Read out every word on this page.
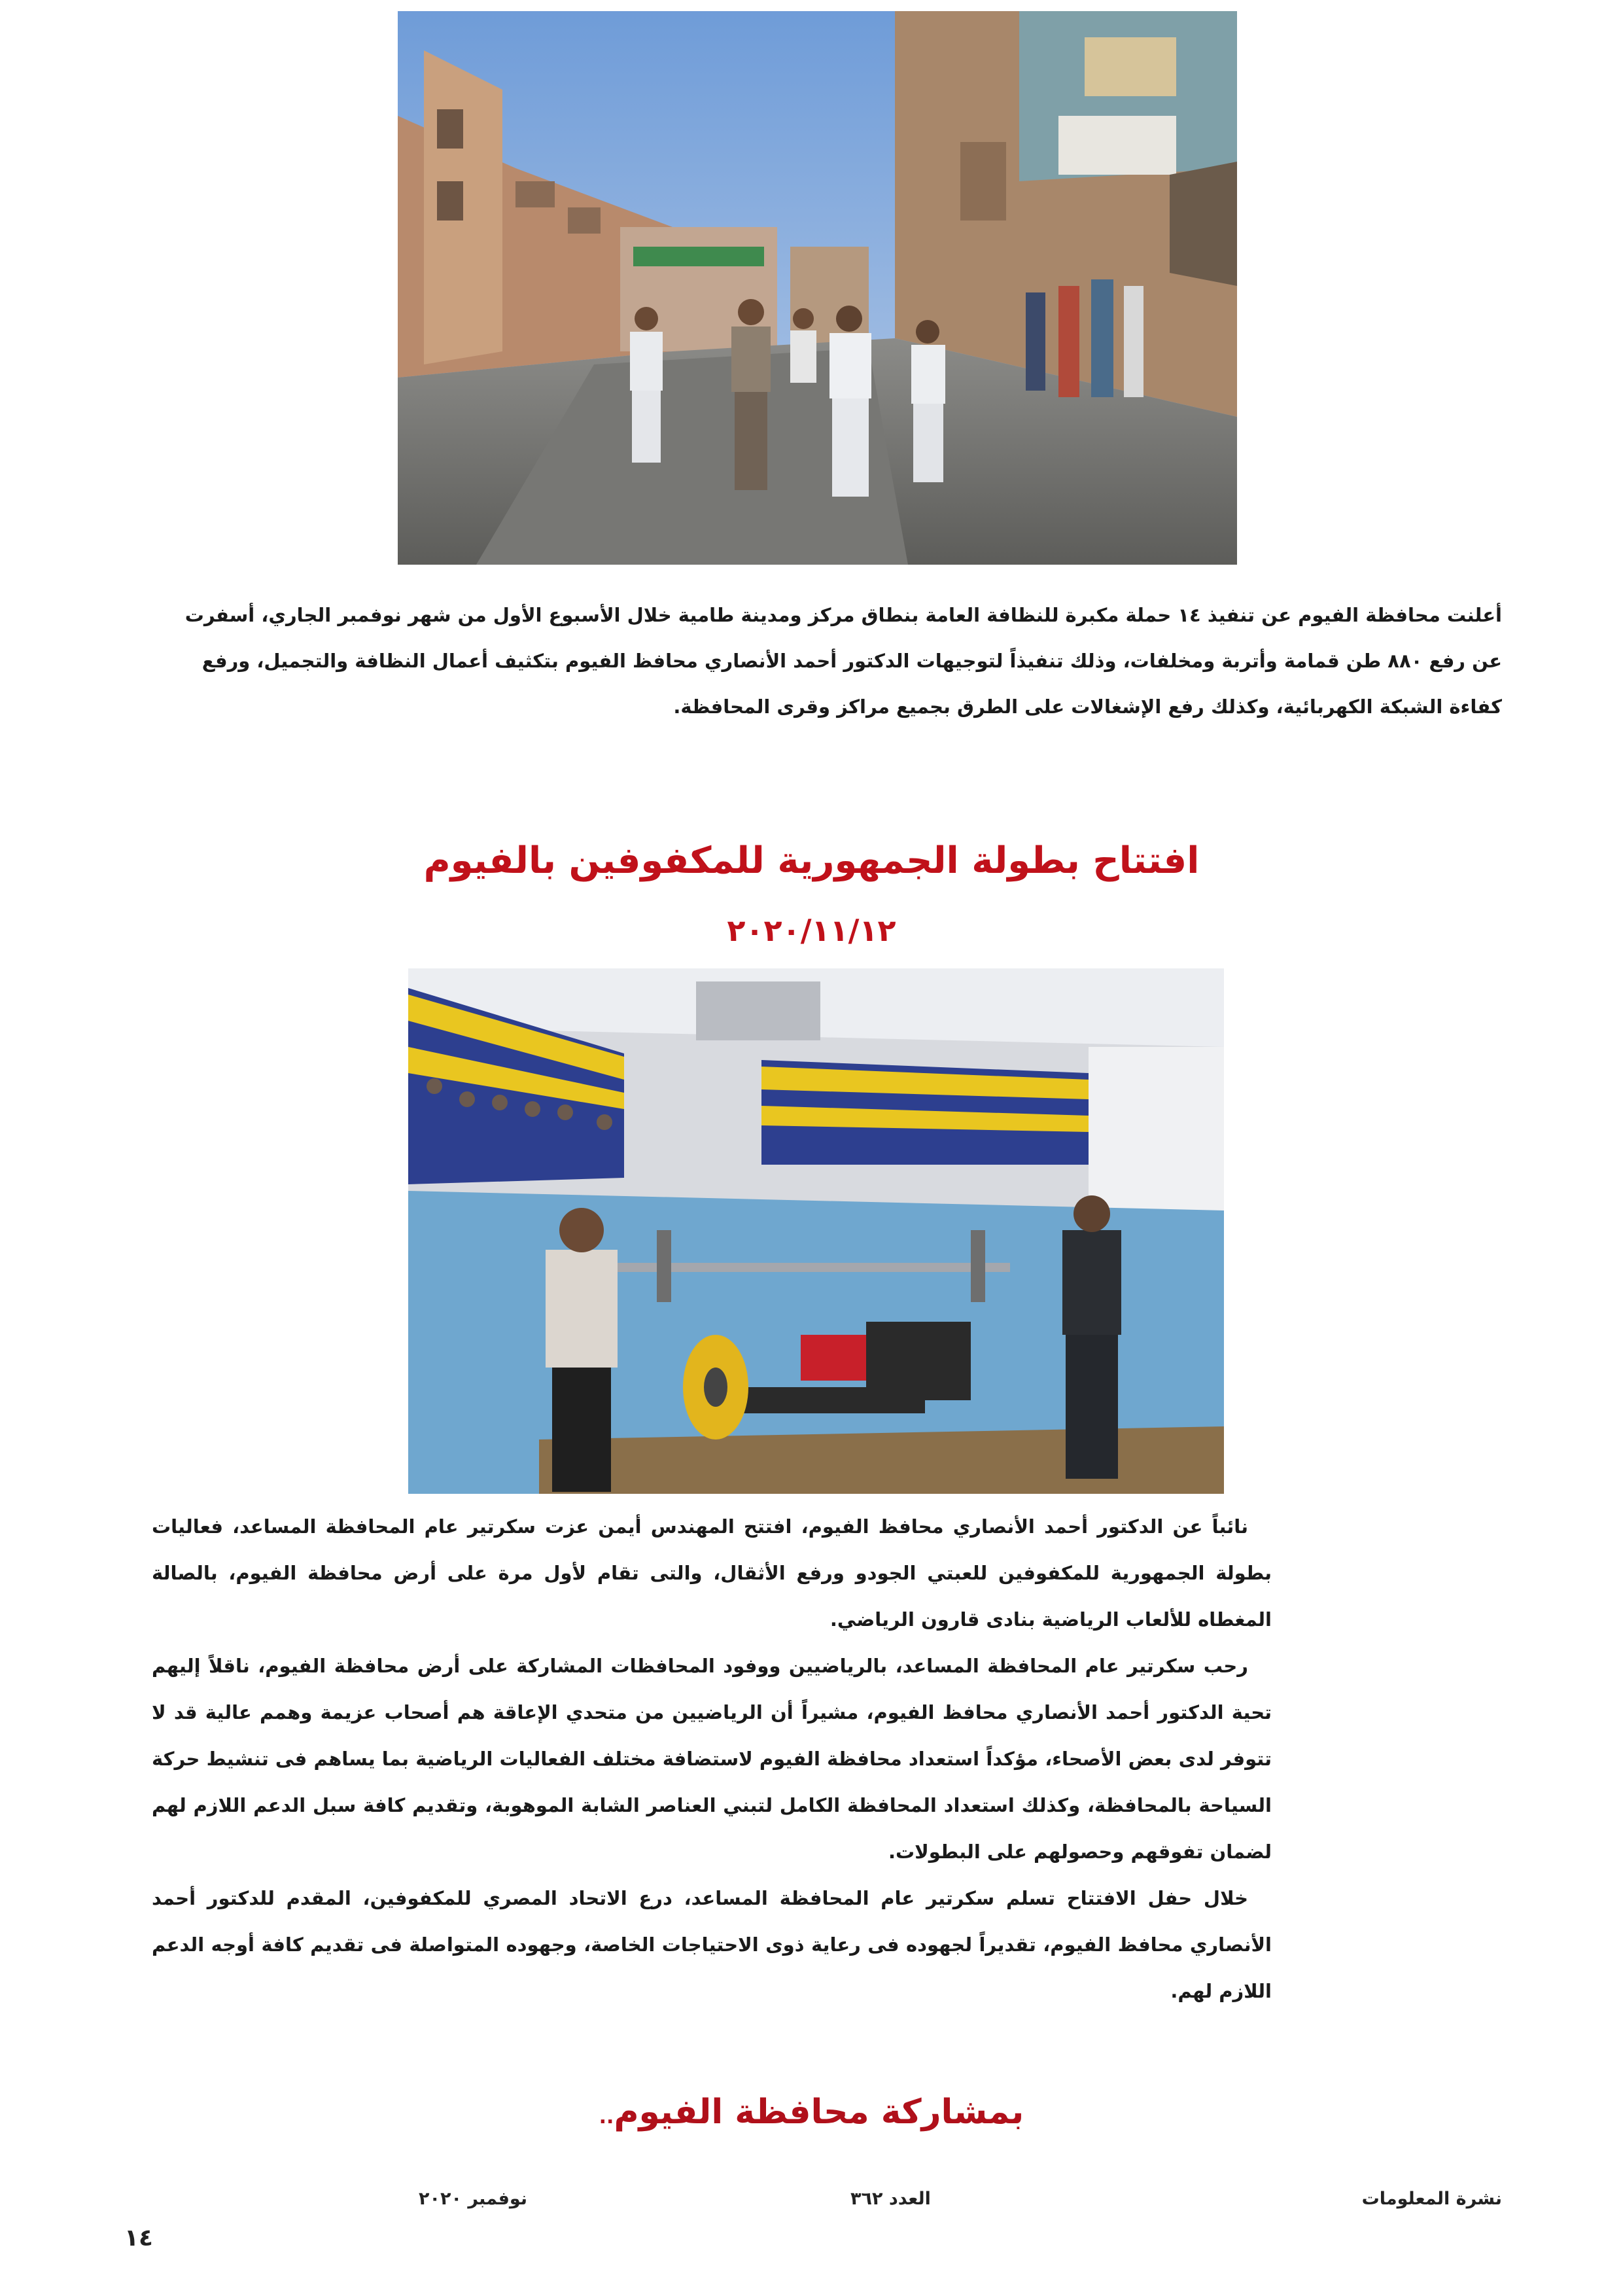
أعلنت محافظة الفيوم عن تنفيذ ١٤ حملة مكبرة للنظافة العامة بنطاق مركز ومدينة طامية خلال الأسبوع الأول من شهر نوفمبر الجاري، أسفرت

عن رفع ٨٨٠ طن قمامة وأتربة ومخلفات، وذلك تنفيذاً لتوجيهات الدكتور أحمد الأنصاري محافظ الفيوم بتكثيف أعمال النظافة والتجميل، ورفع

كفاءة الشبكة الكهربائية، وكذلك رفع الإشغالات على الطرق بجميع مراكز وقرى المحافظة.

افتتاح بطولة الجمهورية للمكفوفين بالفيوم
٢٠٢٠/١١/١٢

نائباً عن الدكتور أحمد الأنصاري محافظ الفيوم، افتتح المهندس أيمن عزت سكرتير عام المحافظة المساعد، فعاليات بطولة الجمهورية للمكفوفين للعبتي الجودو ورفع الأثقال، والتى تقام لأول مرة على أرض محافظة الفيوم، بالصالة المغطاه للألعاب الرياضية بنادى قارون الرياضي.

رحب سكرتير عام المحافظة المساعد، بالرياضيين ووفود المحافظات المشاركة على أرض محافظة الفيوم، ناقلاً إليهم تحية الدكتور أحمد الأنصاري محافظ الفيوم، مشيراً أن الرياضيين من متحدي الإعاقة هم أصحاب عزيمة وهمم عالية قد لا تتوفر لدى بعض الأصحاء، مؤكداً استعداد محافظة الفيوم لاستضافة مختلف الفعاليات الرياضية بما يساهم فى تنشيط حركة السياحة بالمحافظة، وكذلك استعداد المحافظة الكامل لتبني العناصر الشابة الموهوبة، وتقديم كافة سبل الدعم اللازم لهم لضمان تفوقهم وحصولهم على البطولات.

خلال حفل الافتتاح تسلم سكرتير عام المحافظة المساعد، درع الاتحاد المصري للمكفوفين، المقدم للدكتور أحمد الأنصاري محافظ الفيوم، تقديراً لجهوده فى رعاية ذوى الاحتياجات الخاصة، وجهوده المتواصلة فى تقديم كافة أوجه الدعم اللازم لهم.

بمشاركة محافظة الفيوم..
نشرة المعلومات
العدد ٣٦٢
نوفمبر ٢٠٢٠
١٤
